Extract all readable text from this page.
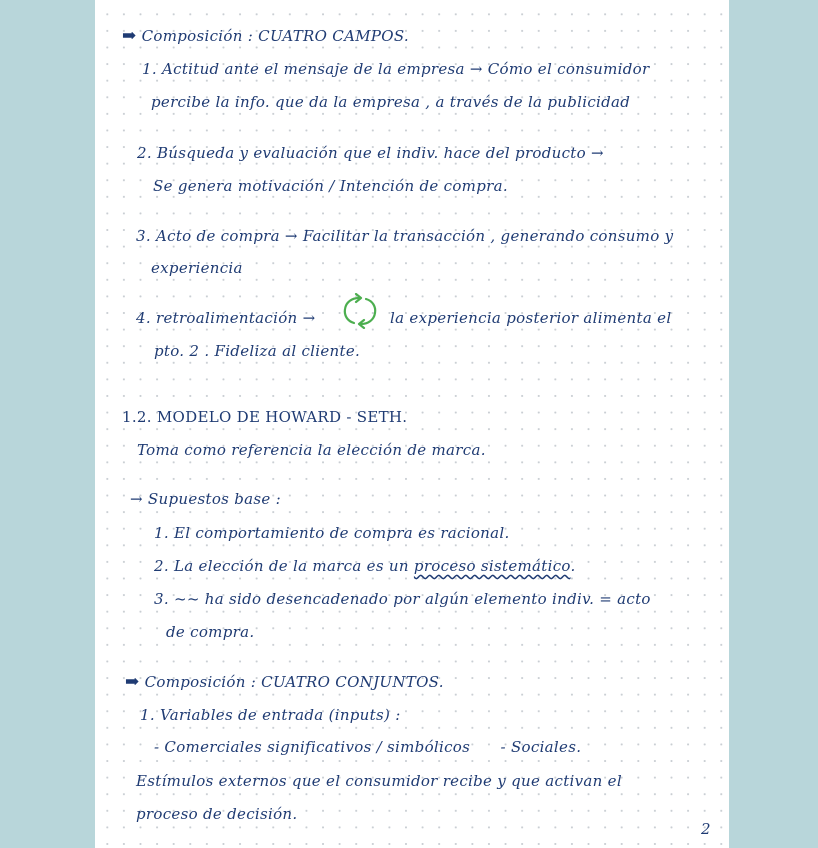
➡ Composición : CUATRO CAMPOS.
1. Actitud ante el mensaje de la empresa → Cómo el consumidor
percibe la info. que da la empresa , a través de la publicidad
2. Búsqueda y evaluación que el indiv. hace del producto →
Se genera motivación / Intención de compra.
3. Acto de compra → Facilitar la transacción , generando consumo y
experiencia
4. retroalimentación →	la experiencia posterior alimenta el
pto. 2 . Fideliza al cliente.
1.2. MODELO DE HOWARD - SETH.
Toma como referencia la elección de marca.
→ Supuestos base :
1. El comportamiento de compra es racional.
2. La elección de la marca es un proceso sistemático.
3. ~~ ha sido desencadenado por algún elemento indiv. = acto
de compra.
➡ Composición : CUATRO CONJUNTOS.
1. Variables de entrada (inputs) :
- Comerciales significativos / simbólicos      - Sociales.
Estímulos externos que el consumidor recibe y que activan el
proceso de decisión.
2
